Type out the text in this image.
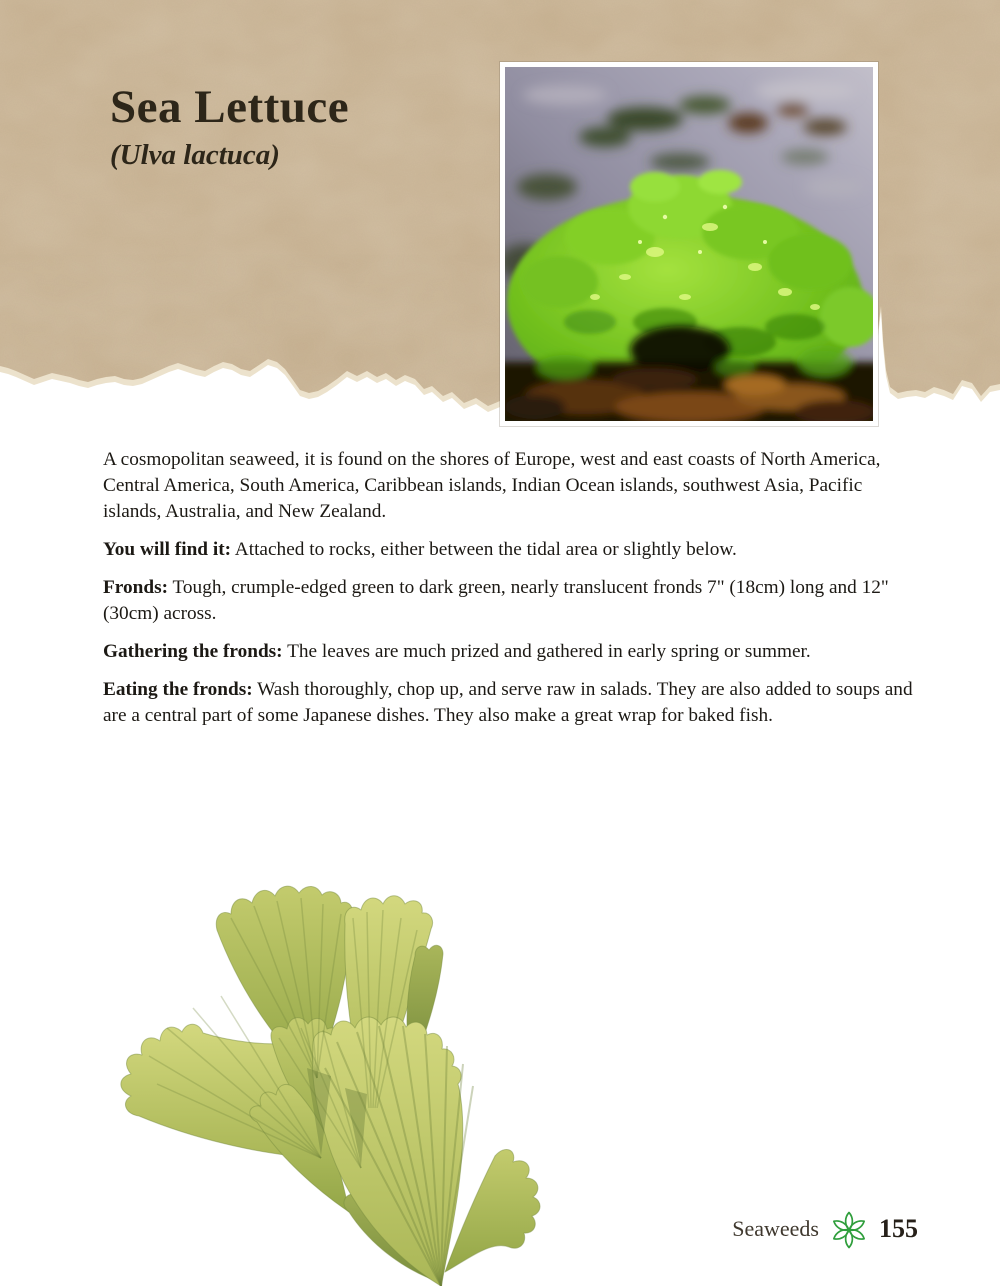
Sea Lettuce
(Ulva lactuca)

A cosmopolitan seaweed, it is found on the shores of Europe, west and east coasts of North America, Central America, South America, Caribbean islands, Indian Ocean islands, southwest Asia, Pacific islands, Australia, and New Zealand.

You will find it: Attached to rocks, either between the tidal area or slightly below.

Fronds: Tough, crumple-edged green to dark green, nearly translucent fronds 7" (18cm) long and 12" (30cm) across.

Gathering the fronds: The leaves are much prized and gathered in early spring or summer.

Eating the fronds: Wash thoroughly, chop up, and serve raw in salads. They are also added to soups and are a central part of some Japanese dishes. They also make a great wrap for baked fish.

Seaweeds 155
